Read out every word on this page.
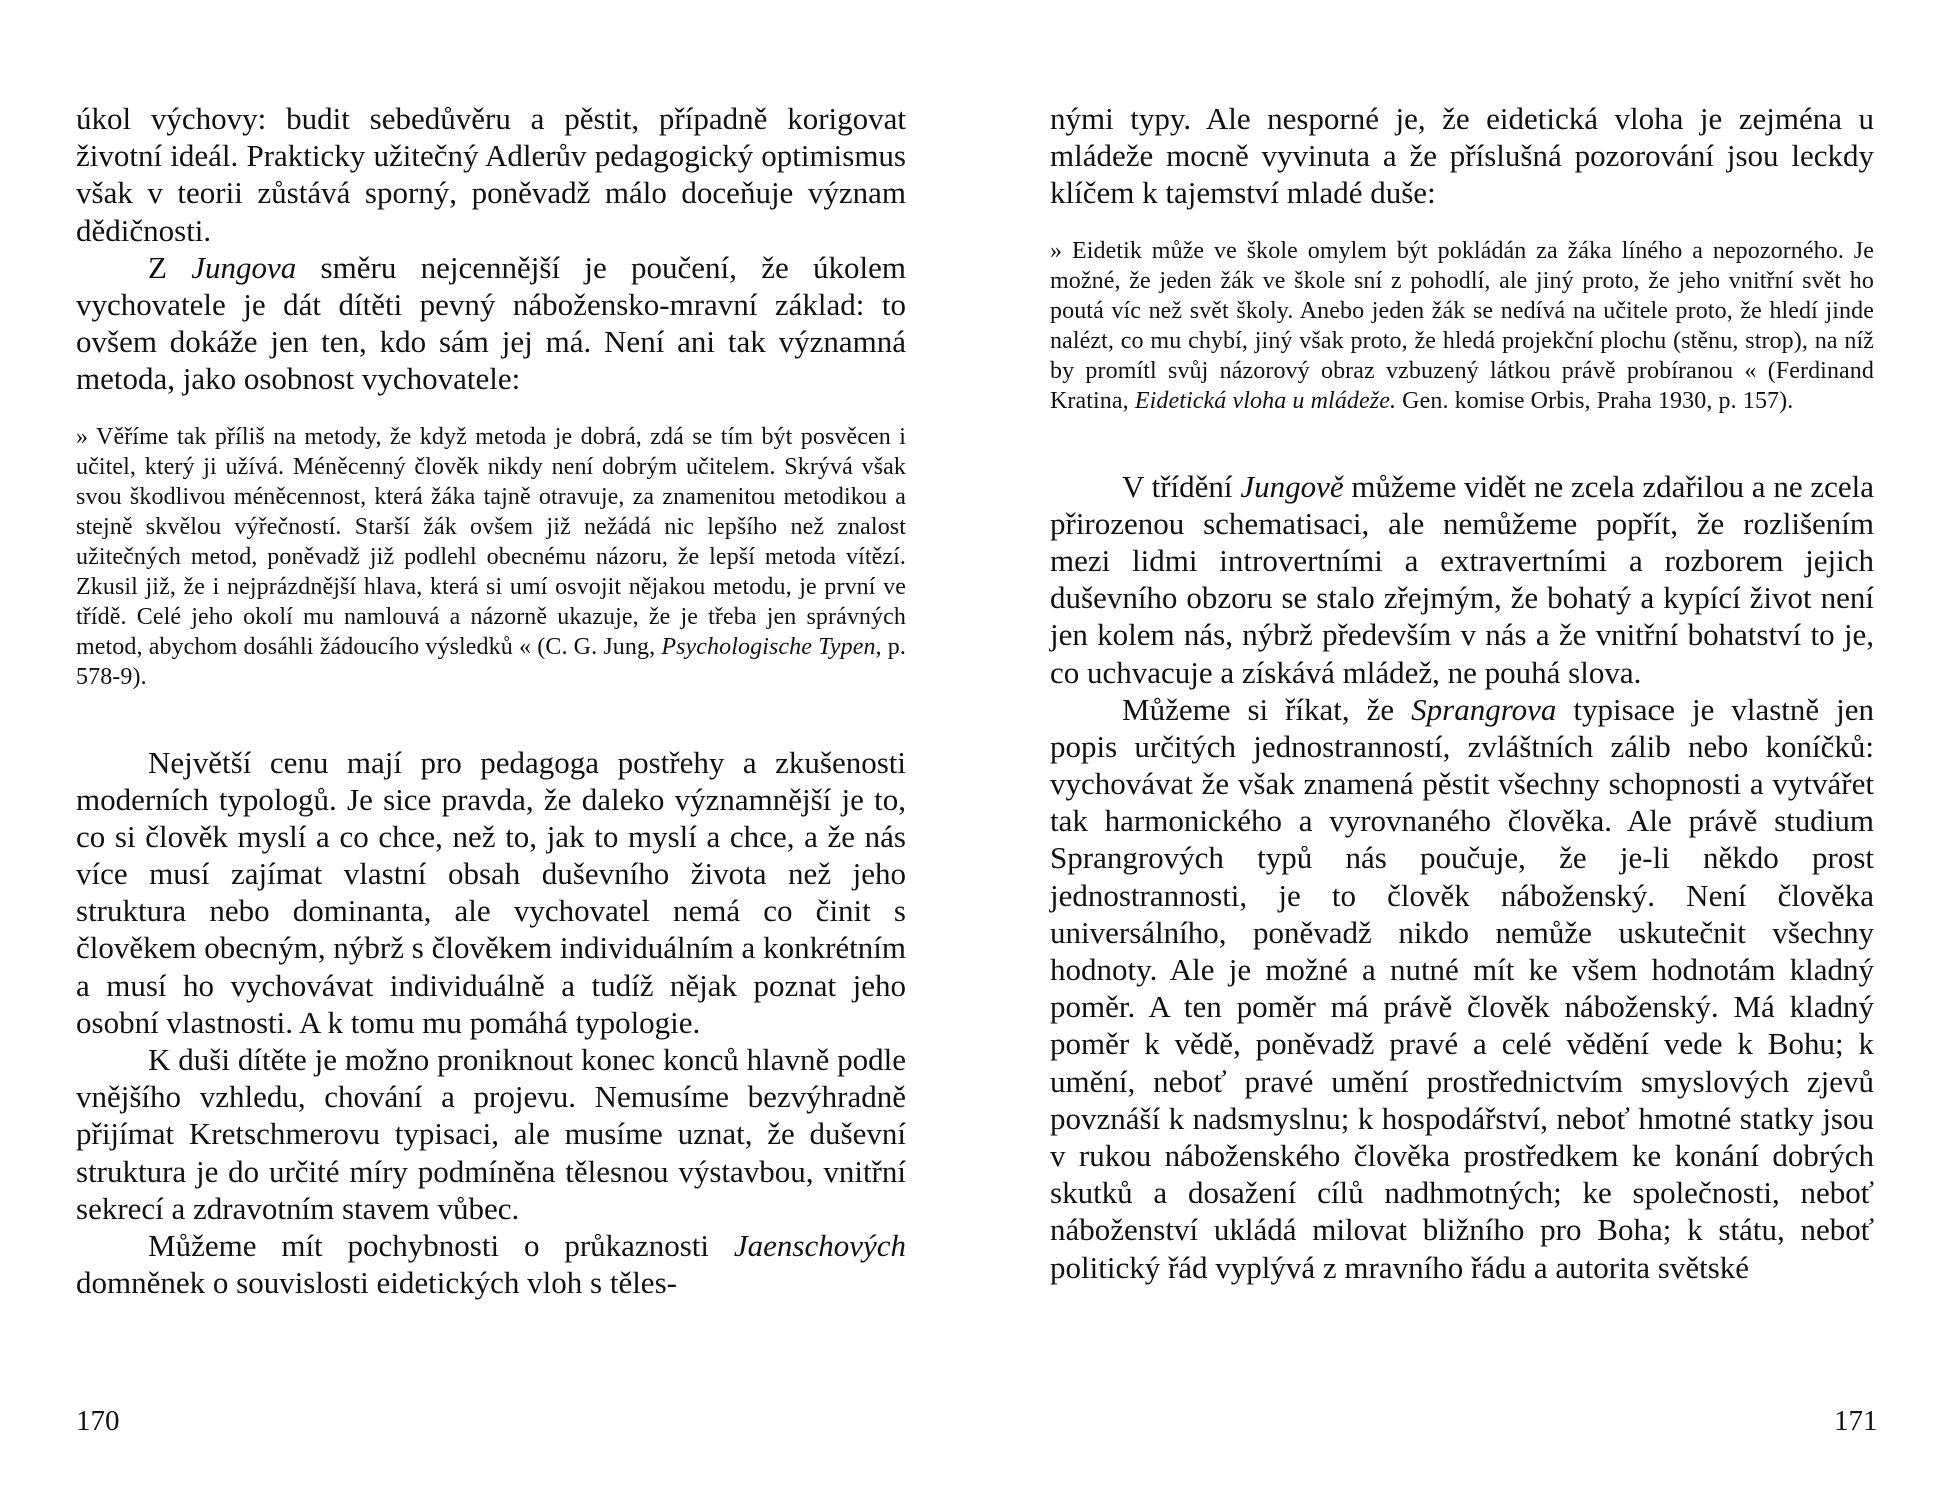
úkol výchovy: budit sebedůvěru a pěstit, případně korigovat životní ideál. Prakticky užitečný Adlerův pedagogický optimismus však v teorii zůstává sporný, poněvadž málo doceňuje význam dědičnosti.

Z Jungova směru nejcennější je poučení, že úkolem vychovatele je dát dítěti pevný nábožensko-mravní základ: to ovšem dokáže jen ten, kdo sám jej má. Není ani tak významná metoda, jako osobnost vychovatele:

» Věříme tak příliš na metody, že když metoda je dobrá, zdá se tím být posvěcen i učitel, který ji užívá. Méněcenný člověk nikdy není dobrým učitelem. Skrývá však svou škodlivou méněcennost, která žáka tajně otravuje, za znamenitou metodikou a stejně skvělou výřečností. Starší žák ovšem již nežádá nic lepšího než znalost užitečných metod, poněvadž již podlehl obecnému názoru, že lepší metoda vítězí. Zkusil již, že i nejprázdnější hlava, která si umí osvojit nějakou metodu, je první ve třídě. Celé jeho okolí mu namlouvá a názorně ukazuje, že je třeba jen správných metod, abychom dosáhli žádoucího výsledků « (C. G. Jung, Psychologische Typen, p. 578-9).

Největší cenu mají pro pedagoga postřehy a zkušenosti moderních typologů. Je sice pravda, že daleko významnější je to, co si člověk myslí a co chce, než to, jak to myslí a chce, a že nás více musí zajímat vlastní obsah duševního života než jeho struktura nebo dominanta, ale vychovatel nemá co činit s člověkem obecným, nýbrž s člověkem individuálním a konkrétním a musí ho vychovávat individuálně a tudíž nějak poznat jeho osobní vlastnosti. A k tomu mu pomáhá typologie.

K duši dítěte je možno proniknout konec konců hlavně podle vnějšího vzhledu, chování a projevu. Nemusíme bezvýhradně přijímat Kretschmerovu typisaci, ale musíme uznat, že duševní struktura je do určité míry podmíněna tělesnou výstavbou, vnitřní sekrecí a zdravotním stavem vůbec.

Můžeme mít pochybnosti o průkaznosti Jaenschových domněnek o souvislosti eidetických vloh s těles-

nými typy. Ale nesporné je, že eidetická vloha je zejména u mládeže mocně vyvinuta a že příslušná pozorování jsou leckdy klíčem k tajemství mladé duše:

» Eidetik může ve škole omylem být pokládán za žáka líného a nepozorného. Je možné, že jeden žák ve škole sní z pohodlí, ale jiný proto, že jeho vnitřní svět ho poutá víc než svět školy. Anebo jeden žák se nedívá na učitele proto, že hledí jinde nalézt, co mu chybí, jiný však proto, že hledá projekční plochu (stěnu, strop), na níž by promítl svůj názorový obraz vzbuzený látkou právě probíranou « (Ferdinand Kratina, Eidetická vloha u mládeže. Gen. komise Orbis, Praha 1930, p. 157).

V třídění Jungově můžeme vidět ne zcela zdařilou a ne zcela přirozenou schematisaci, ale nemůžeme popřít, že rozlišením mezi lidmi introvertními a extravertními a rozborem jejich duševního obzoru se stalo zřejmým, že bohatý a kypící život není jen kolem nás, nýbrž především v nás a že vnitřní bohatství to je, co uchvacuje a získává mládež, ne pouhá slova.

Můžeme si říkat, že Sprangrova typisace je vlastně jen popis určitých jednostranností, zvláštních zálib nebo koníčků: vychovávat že však znamená pěstit všechny schopnosti a vytvářet tak harmonického a vyrovnaného člověka. Ale právě studium Sprangrových typů nás poučuje, že je-li někdo prost jednostrannosti, je to člověk náboženský. Není člověka universálního, poněvadž nikdo nemůže uskutečnit všechny hodnoty. Ale je možné a nutné mít ke všem hodnotám kladný poměr. A ten poměr má právě člověk náboženský. Má kladný poměr k vědě, poněvadž pravé a celé vědění vede k Bohu; k umění, neboť pravé umění prostřednictvím smyslových zjevů povznáší k nadsmyslnu; k hospodářství, neboť hmotné statky jsou v rukou náboženského člověka prostředkem ke konání dobrých skutků a dosažení cílů nadhmotných; ke společnosti, neboť náboženství ukládá milovat bližního pro Boha; k státu, neboť politický řád vyplývá z mravního řádu a autorita světské

170	171
